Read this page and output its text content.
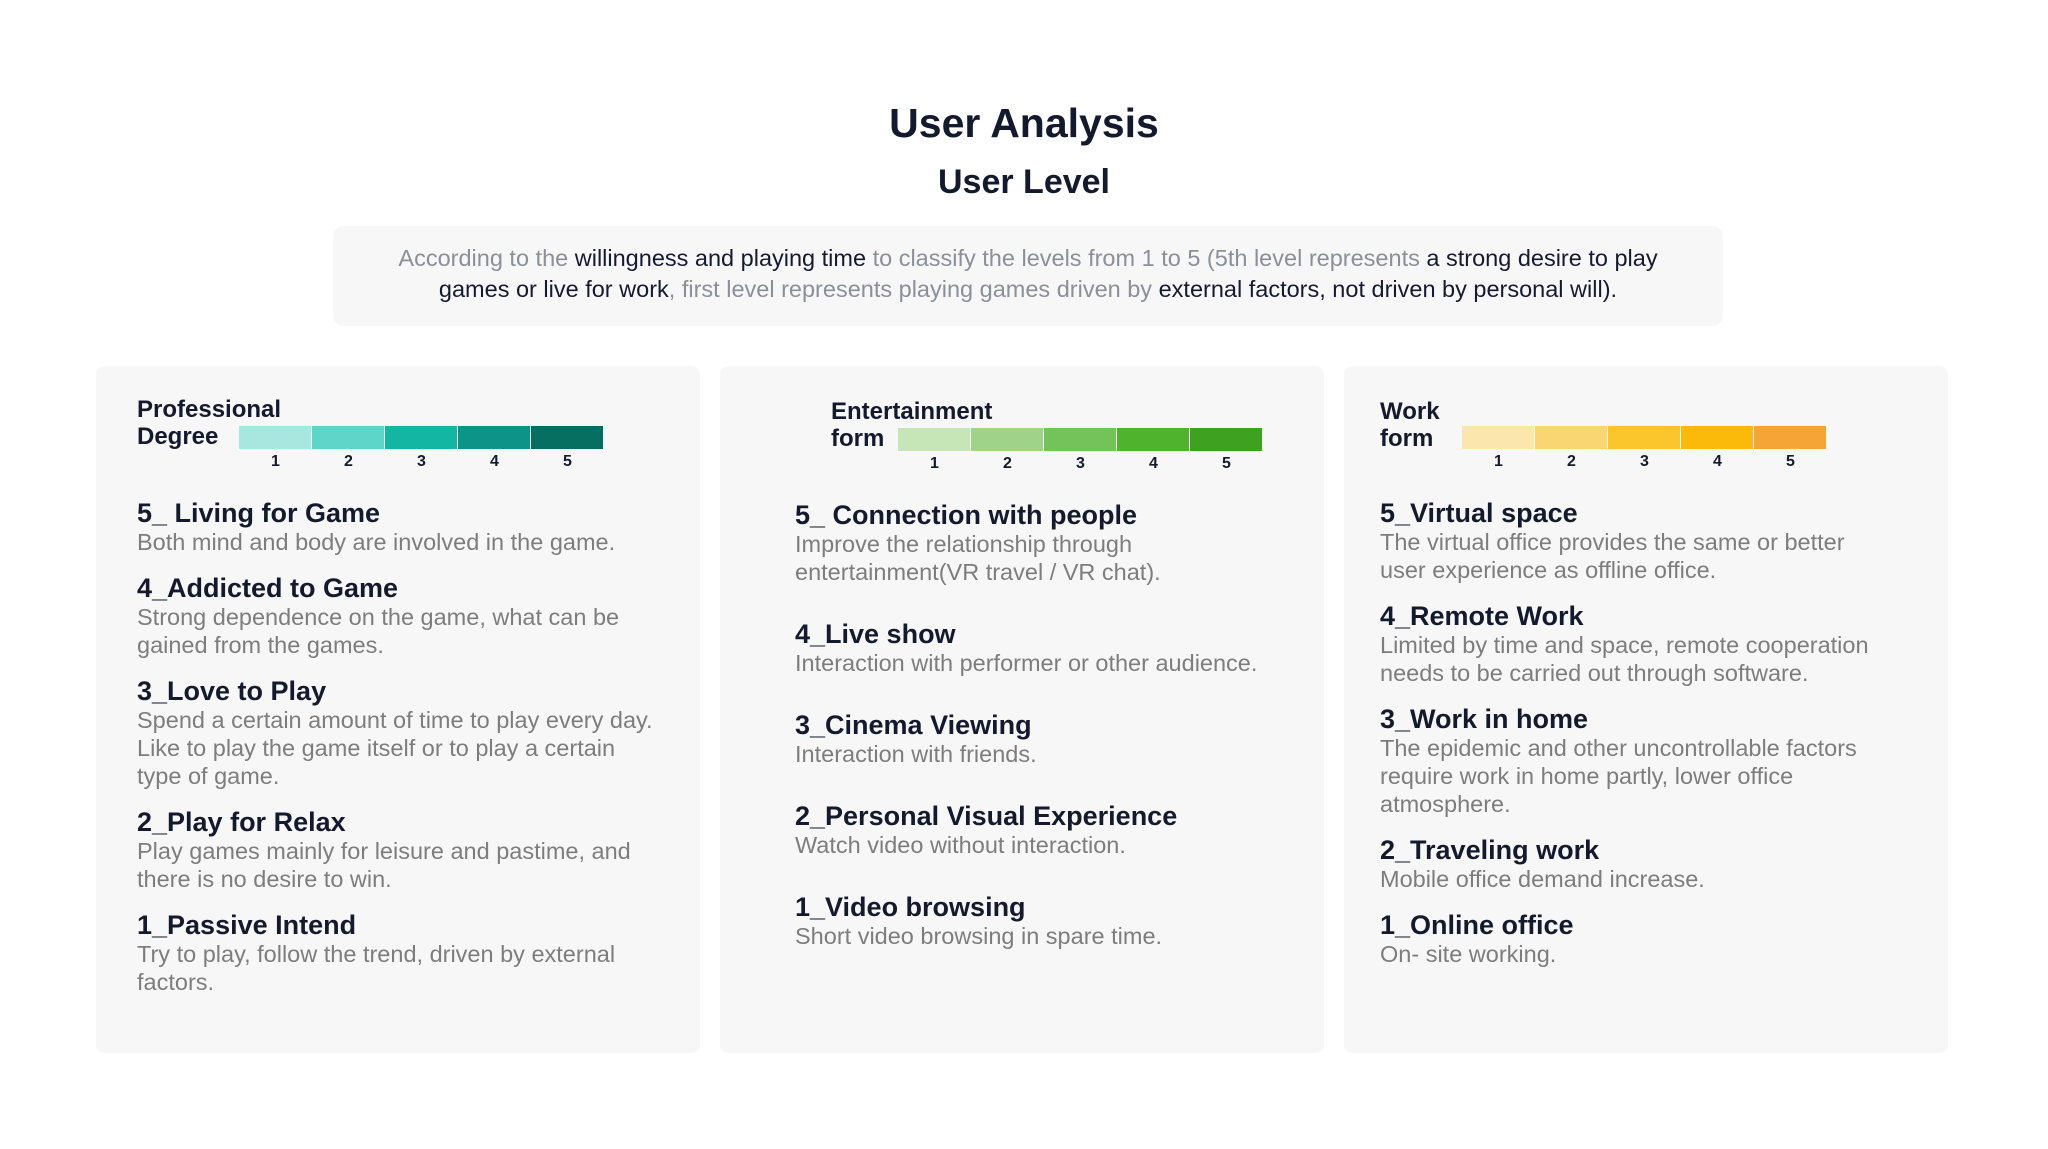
User Analysis
User Level
According to the willingness and playing time to classify the levels from 1 to 5 (5th level represents a strong desire to play games or live for work, first level represents playing games driven by external factors, not driven by personal will).
Professional
Degree
1	2	3	4	5
5_ Living for Game
Both mind and body are involved in the game.
4_Addicted to Game
Strong dependence on the game, what can be
gained from the games.
3_Love to Play
Spend a certain amount of time to play every day.
Like to play the game itself or to play a certain
type of game.
2_Play for Relax
Play games mainly for leisure and pastime, and
there is no desire to win.
1_Passive Intend
Try to play, follow the trend, driven by external
factors.
Entertainment
form
1	2	3	4	5
5_ Connection with people
Improve the relationship through
entertainment(VR travel / VR chat).
4_Live show
Interaction with performer or other audience.
3_Cinema Viewing
Interaction with friends.
2_Personal Visual Experience
Watch video without interaction.
1_Video browsing
Short video browsing in spare time.
Work
form
1	2	3	4	5
5_Virtual space
The virtual office provides the same or better
user experience as offline office.
4_Remote Work
Limited by time and space, remote cooperation
needs to be carried out through software.
3_Work in home
The epidemic and other uncontrollable factors
require work in home partly, lower office
atmosphere.
2_Traveling work
Mobile office demand increase.
1_Online office
On- site working.
